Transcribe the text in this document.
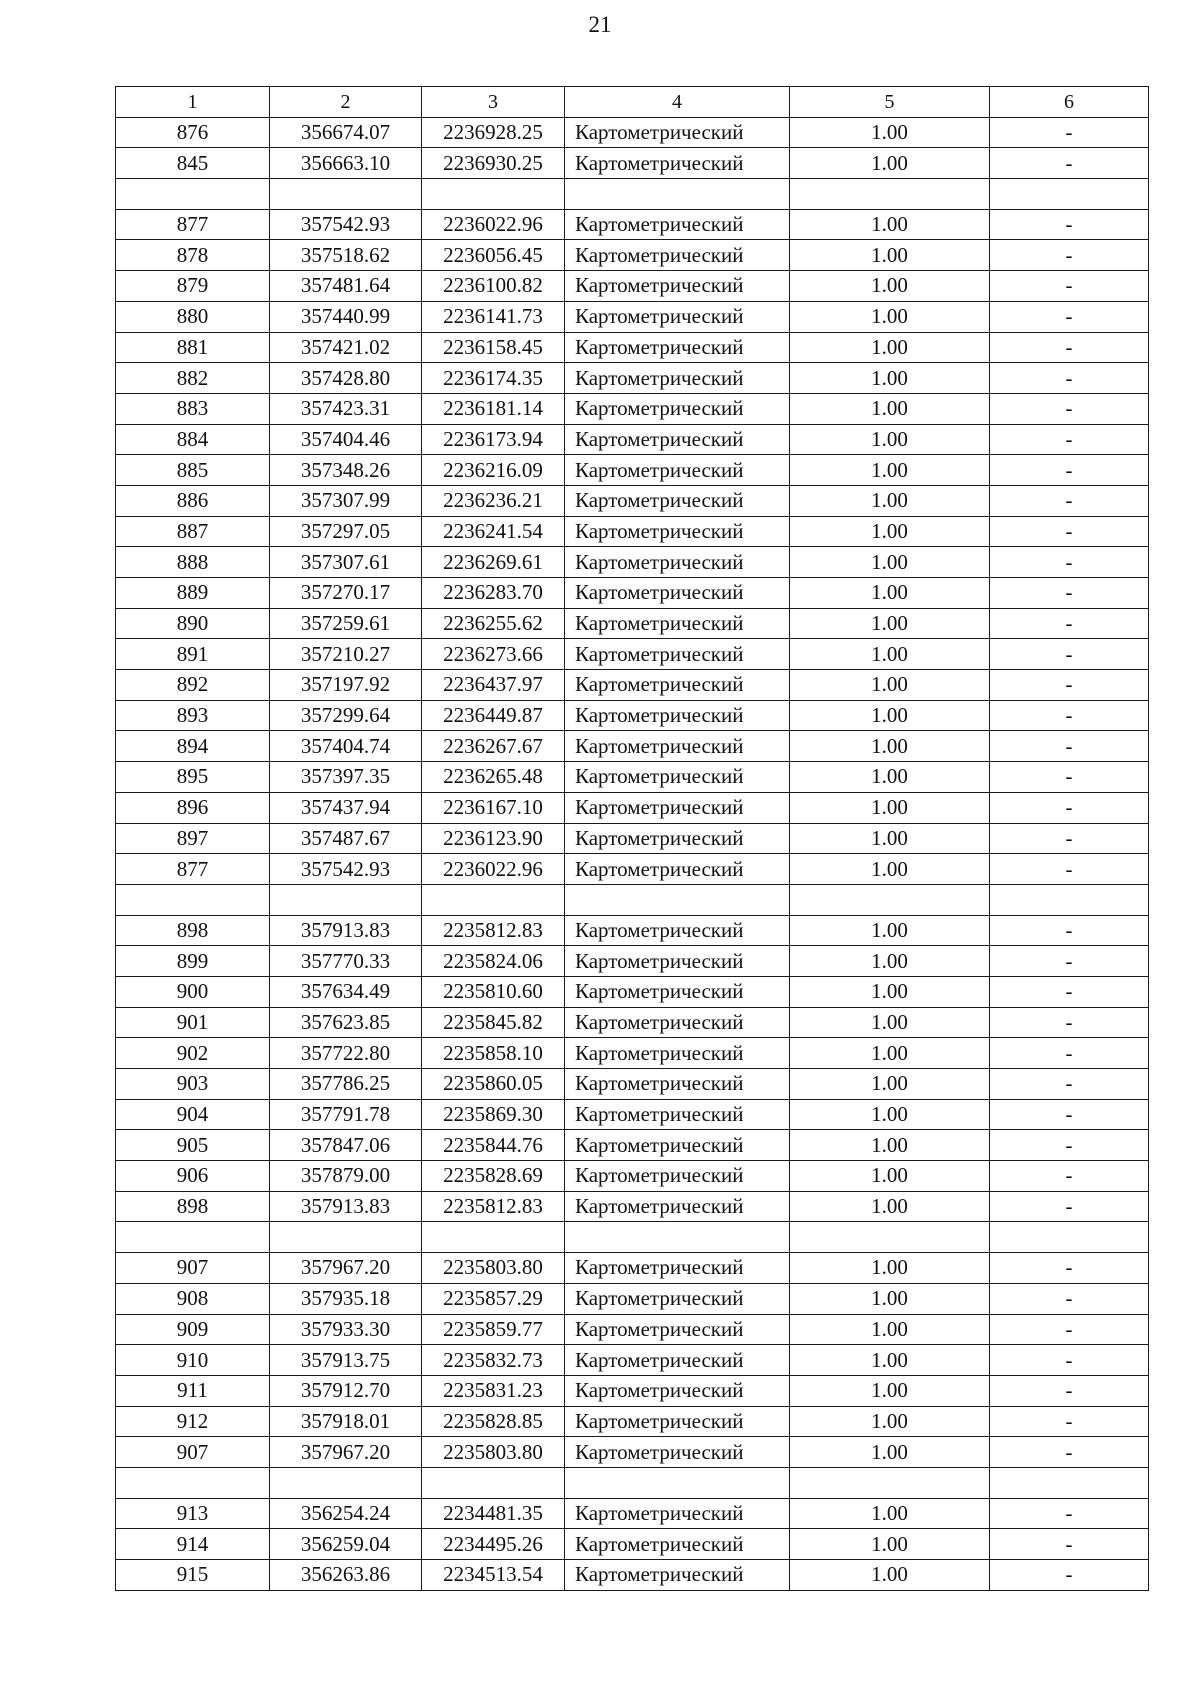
21
1	2	3	4	5	6
876	356674.07	2236928.25	Картометрический	1.00	-
845	356663.10	2236930.25	Картометрический	1.00	-

877	357542.93	2236022.96	Картометрический	1.00	-
878	357518.62	2236056.45	Картометрический	1.00	-
879	357481.64	2236100.82	Картометрический	1.00	-
880	357440.99	2236141.73	Картометрический	1.00	-
881	357421.02	2236158.45	Картометрический	1.00	-
882	357428.80	2236174.35	Картометрический	1.00	-
883	357423.31	2236181.14	Картометрический	1.00	-
884	357404.46	2236173.94	Картометрический	1.00	-
885	357348.26	2236216.09	Картометрический	1.00	-
886	357307.99	2236236.21	Картометрический	1.00	-
887	357297.05	2236241.54	Картометрический	1.00	-
888	357307.61	2236269.61	Картометрический	1.00	-
889	357270.17	2236283.70	Картометрический	1.00	-
890	357259.61	2236255.62	Картометрический	1.00	-
891	357210.27	2236273.66	Картометрический	1.00	-
892	357197.92	2236437.97	Картометрический	1.00	-
893	357299.64	2236449.87	Картометрический	1.00	-
894	357404.74	2236267.67	Картометрический	1.00	-
895	357397.35	2236265.48	Картометрический	1.00	-
896	357437.94	2236167.10	Картометрический	1.00	-
897	357487.67	2236123.90	Картометрический	1.00	-
877	357542.93	2236022.96	Картометрический	1.00	-

898	357913.83	2235812.83	Картометрический	1.00	-
899	357770.33	2235824.06	Картометрический	1.00	-
900	357634.49	2235810.60	Картометрический	1.00	-
901	357623.85	2235845.82	Картометрический	1.00	-
902	357722.80	2235858.10	Картометрический	1.00	-
903	357786.25	2235860.05	Картометрический	1.00	-
904	357791.78	2235869.30	Картометрический	1.00	-
905	357847.06	2235844.76	Картометрический	1.00	-
906	357879.00	2235828.69	Картометрический	1.00	-
898	357913.83	2235812.83	Картометрический	1.00	-

907	357967.20	2235803.80	Картометрический	1.00	-
908	357935.18	2235857.29	Картометрический	1.00	-
909	357933.30	2235859.77	Картометрический	1.00	-
910	357913.75	2235832.73	Картометрический	1.00	-
911	357912.70	2235831.23	Картометрический	1.00	-
912	357918.01	2235828.85	Картометрический	1.00	-
907	357967.20	2235803.80	Картометрический	1.00	-

913	356254.24	2234481.35	Картометрический	1.00	-
914	356259.04	2234495.26	Картометрический	1.00	-
915	356263.86	2234513.54	Картометрический	1.00	-
